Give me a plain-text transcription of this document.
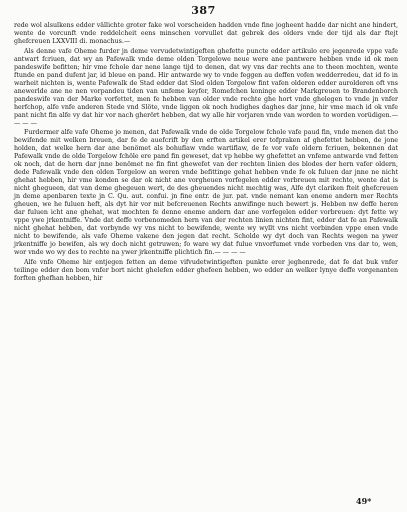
387

rede wol alsulkens edder vällichte groter fake wol vorscheiden hadden vnde fine jogheent hadde dar nicht ane hindert, wente de vorcunft vnde reddelcheit eens minschen vorvullet dat gebrek des olders vnde der tijd als dar ftejt ghefcreuen LXXVIII di. monachus.—

Als denne vafe Oheme furder jn deme vervudetwintigeften ghefette puncte edder artikulo ere jegenrede vppe vafe antwart fcriuen, dat wy an Pafewalk vnde deme olden Torgelowe neue were ane pantwere hebben vnde id ok men pandeswife befitten; hir vme fchole dar nene lange tijd to denen, dat wy vns dar rechts ane to theen mochten, wente ftunde en pand dufent jar, id bleue en pand. Hir antwarde wy to vnde feggen au deffen vofen wedderredeu, dat id fo in warheit nichten is, wente Pafewalk de Stad edder dat Slod olden Torgelow fint vafen olderen edder aurolderen oft vns anewerlde ane ne nen vorpandeu tiden van unfeme keyfer, Romefchen koninge edder Markgreuen to Brandenborch pandeswife van der Marke vorfettet, men fe hebben van older vnde rechte ghe hort vnde ghelegen to vnde jn vnfer herfchop, alfe vnfe anderen Stede vnd Slöte, vnde liggen ok noch hudighes daghes dar jnne, hir vme mach id ok vnfe pant nicht fin alfe vy dat hir vor nach gherört hebben, dat wy alle hir vorjaren vnde van worden to worden vorüdigen.— — — —

Furdermer alfe vafe Oheme jo menen, dat Pafewalk vnde de olde Torgelow fchole vafe paud fin, vnde menen dat tho bewifende mit welken breuen, dar fe de auefcrift by den erften artikel erer tofpraken af ghefettet hebben, de jone holden, dat welke hern dar ane benömet als bohuflaw vnde wartiflaw, de fe vor vafe oldern fcriuen, bekennen dat Pafewalk vnde de olde Torgelow fchöle ere pand fin geweset, dat vp hebbe wy ghefettet an vnfeme antwarde vnd fetten ok noch, dat de hern dar jnne benömet ne fin fint ghewefet van der rechten linien des blodes der hern vafer oldern, dede Pafewalk vnde den olden Torgelow an weren vnde befittinge gehat hebben vnde fe ok fuluen dar jnne ne nicht ghehat hebben, hir vme konden se dar ok nicht ane vorgheuen vorfegelen edder vorbreuen mit rechte, wente dat is nicht ghegueen, dat van deme ghegeuen wert, de des gheuendes nicht mechtig was, Alfe dyt clariken fteit ghefcreuen jn deme apenbaren texte jn C. Qu. aut. confui. jn fine entr. de jur. pat. vnde nemant kan eneme andern mer Rechts gheuen, we he fuluen heft, als dyt hir vor mit befcreuenen Rechts anwifinge nuch bewert js. Hebben nw deffe heren dar fuluen icht ane ghehat, wat mochten fe denne eneme andern dar ane vorfegelen edder vorbreuen: dyt fette wy vppe ywe jrkentniffe. Vnde dat deffe vorbenomeden hern van der rechten linien nichten fint, edder dat fe an Pafewalk nicht ghehat hebben, dat vorbynde wy vns nicht to bewifende, wente wy wyllt vns nicht vorbinden vppe enen vnde nicht to bewifende, als vafe Oheme vakene den jegen dat recht. Scholde wy dyt doch van Rechts wegen na ywer jrkentniffe jo bewifen, als wy doch nicht getruwen; fo ware wy dat fulue vnvorfumet vnde vorbeden vns dar to, wen, wor vnde wo wy des to rechte na ywer jrkentniffe plichtich fin.— — — —

Alfe vnfe Oheme hir entjegen fetten an deme vifvudetwintigeften punkte erer jeghenrede, dat fe dat buk vnfer teilinge edder den bom vnfer bort nicht ghelefen edder ghefeen hebben, wo edder an welker lynye deffe vorgenanten forften ghefhan hebben, hir

49*
